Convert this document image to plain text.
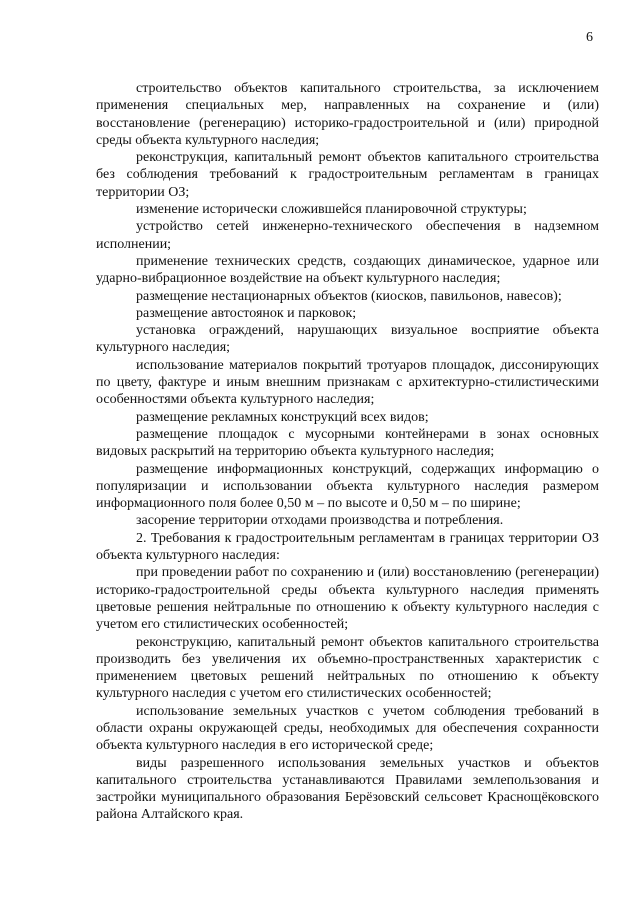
6

строительство объектов капитального строительства, за исключением применения специальных мер, направленных на сохранение и (или) восстановление (регенерацию) историко-градостроительной и (или) природной среды объекта культурного наследия;

реконструкция, капитальный ремонт объектов капитального строительства без соблюдения требований к градостроительным регламентам в границах территории ОЗ;

изменение исторически сложившейся планировочной структуры;

устройство сетей инженерно-технического обеспечения в надземном исполнении;

применение технических средств, создающих динамическое, ударное или ударно-вибрационное воздействие на объект культурного наследия;

размещение нестационарных объектов (киосков, павильонов, навесов);

размещение автостоянок и парковок;

установка ограждений, нарушающих визуальное восприятие объекта культурного наследия;

использование материалов покрытий тротуаров площадок, диссонирующих по цвету, фактуре и иным внешним признакам с архитектурно-стилистическими особенностями объекта культурного наследия;

размещение рекламных конструкций всех видов;

размещение площадок с мусорными контейнерами в зонах основных видовых раскрытий на территорию объекта культурного наследия;

размещение информационных конструкций, содержащих информацию о популяризации и использовании объекта культурного наследия размером информационного поля более 0,50 м – по высоте и 0,50 м – по ширине;

засорение территории отходами производства и потребления.

2. Требования к градостроительным регламентам в границах территории ОЗ объекта культурного наследия:

при проведении работ по сохранению и (или) восстановлению (регенерации) историко-градостроительной среды объекта культурного наследия применять цветовые решения нейтральные по отношению к объекту культурного наследия с учетом его стилистических особенностей;

реконструкцию, капитальный ремонт объектов капитального строительства производить без увеличения их объемно-пространственных характеристик с применением цветовых решений нейтральных по отношению к объекту культурного наследия с учетом его стилистических особенностей;

использование земельных участков с учетом соблюдения требований в области охраны окружающей среды, необходимых для обеспечения сохранности объекта культурного наследия в его исторической среде;

виды разрешенного использования земельных участков и объектов капитального строительства устанавливаются Правилами землепользования и застройки муниципального образования Берёзовский сельсовет Краснощёковского района Алтайского края.
